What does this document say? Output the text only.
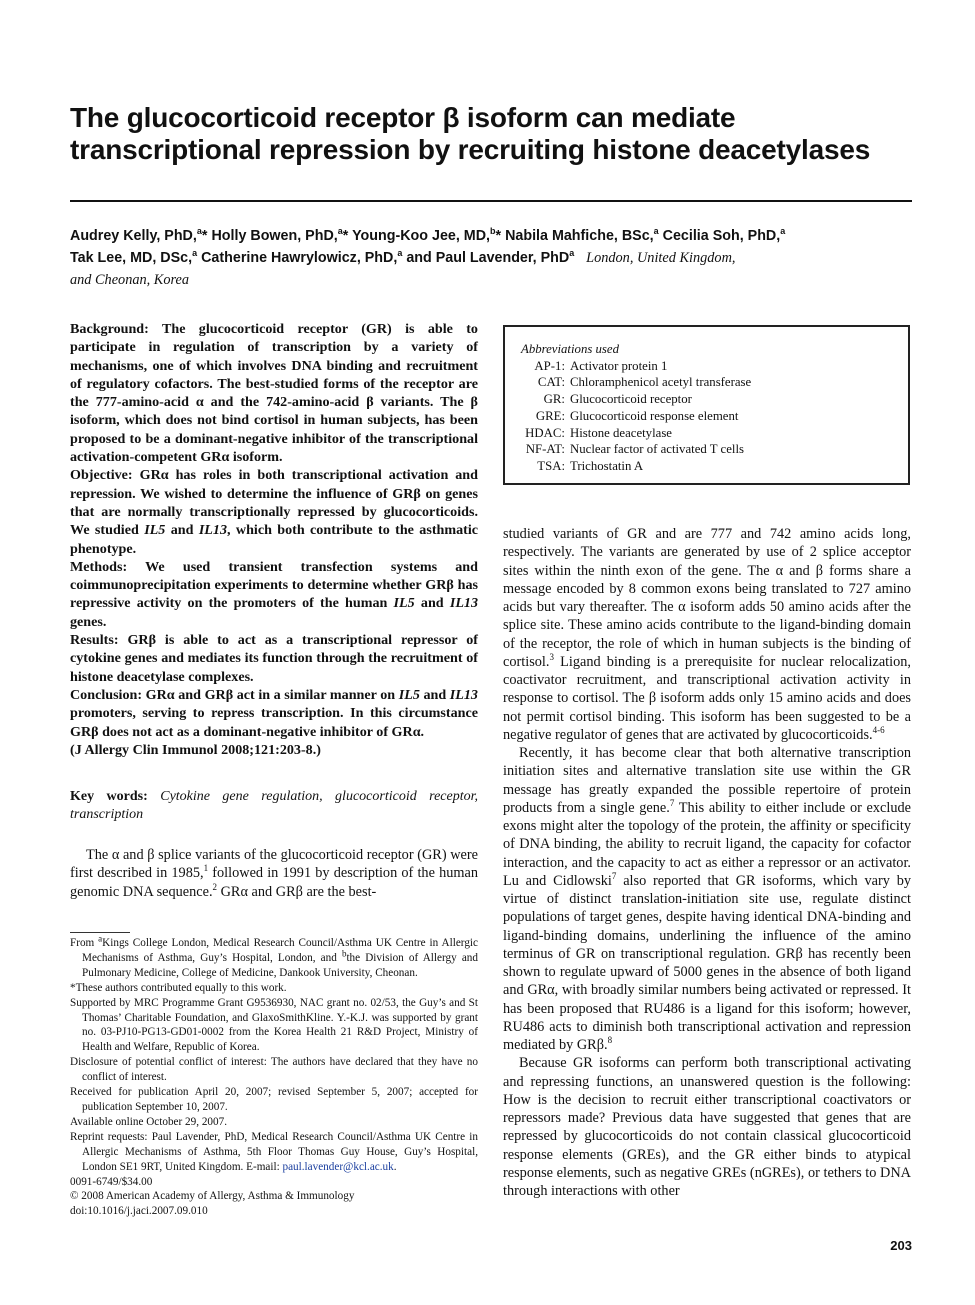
The glucocorticoid receptor β isoform can mediate transcriptional repression by recruiting histone deacetylases
Audrey Kelly, PhD,$^a$* Holly Bowen, PhD,$^a$* Young-Koo Jee, MD,$^b$* Nabila Mahfiche, BSc,$^a$ Cecilia Soh, PhD,$^a$
Tak Lee, MD, DSc,$^a$ Catherine Hawrylowicz, PhD,$^a$ and Paul Lavender, PhD$^a$ London, United Kingdom,
and Cheonan, Korea

Background: The glucocorticoid receptor (GR) is able to participate in regulation of transcription by a variety of mechanisms, one of which involves DNA binding and recruitment of regulatory cofactors. The best-studied forms of the receptor are the 777-amino-acid α and the 742-amino-acid β variants. The β isoform, which does not bind cortisol in human subjects, has been proposed to be a dominant-negative inhibitor of the transcriptional activation-competent GRα isoform.

Objective: GRα has roles in both transcriptional activation and repression. We wished to determine the influence of GRβ on genes that are normally transcriptionally repressed by glucocorticoids. We studied IL5 and IL13, which both contribute to the asthmatic phenotype.

Methods: We used transient transfection systems and coimmunoprecipitation experiments to determine whether GRβ has repressive activity on the promoters of the human IL5 and IL13 genes.

Results: GRβ is able to act as a transcriptional repressor of cytokine genes and mediates its function through the recruitment of histone deacetylase complexes.

Conclusion: GRα and GRβ act in a similar manner on IL5 and IL13 promoters, serving to repress transcription. In this circumstance GRβ does not act as a dominant-negative inhibitor of GRα.

(J Allergy Clin Immunol 2008;121:203-8.)

Key words: Cytokine gene regulation, glucocorticoid receptor, transcription

The α and β splice variants of the glucocorticoid receptor (GR) were first described in 1985,$^1$ followed in 1991 by description of the human genomic DNA sequence.$^2$ GRα and GRβ are the best-

From $^a$Kings College London, Medical Research Council/Asthma UK Centre in Allergic Mechanisms of Asthma, Guy’s Hospital, London, and $^b$the Division of Allergy and Pulmonary Medicine, College of Medicine, Dankook University, Cheonan.

*These authors contributed equally to this work.

Supported by MRC Programme Grant G9536930, NAC grant no. 02/53, the Guy’s and St Thomas’ Charitable Foundation, and GlaxoSmithKline. Y.-K.J. was supported by grant no. 03-PJ10-PG13-GD01-0002 from the Korea Health 21 R&D Project, Ministry of Health and Welfare, Republic of Korea.

Disclosure of potential conflict of interest: The authors have declared that they have no conflict of interest.

Received for publication April 20, 2007; revised September 5, 2007; accepted for publication September 10, 2007.

Available online October 29, 2007.

Reprint requests: Paul Lavender, PhD, Medical Research Council/Asthma UK Centre in Allergic Mechanisms of Asthma, 5th Floor Thomas Guy House, Guy’s Hospital, London SE1 9RT, United Kingdom. E-mail: paul.lavender@kcl.ac.uk.

0091-6749/$34.00

© 2008 American Academy of Allergy, Asthma & Immunology

doi:10.1016/j.jaci.2007.09.010

Abbreviations used
AP-1: Activator protein 1
CAT: Chloramphenicol acetyl transferase
GR: Glucocorticoid receptor
GRE: Glucocorticoid response element
HDAC: Histone deacetylase
NF-AT: Nuclear factor of activated T cells
TSA: Trichostatin A

studied variants of GR and are 777 and 742 amino acids long, respectively. The variants are generated by use of 2 splice acceptor sites within the ninth exon of the gene. The α and β forms share a message encoded by 8 common exons being translated to 727 amino acids but vary thereafter. The α isoform adds 50 amino acids after the splice site. These amino acids contribute to the ligand-binding domain of the receptor, the role of which in human subjects is the binding of cortisol.$^3$ Ligand binding is a prerequisite for nuclear relocalization, coactivator recruitment, and transcriptional activation activity in response to cortisol. The β isoform adds only 15 amino acids and does not permit cortisol binding. This isoform has been suggested to be a negative regulator of genes that are activated by glucocorticoids.$^{4-6}$

Recently, it has become clear that both alternative transcription initiation sites and alternative translation site use within the GR message has greatly expanded the possible repertoire of protein products from a single gene.$^7$ This ability to either include or exclude exons might alter the topology of the protein, the affinity or specificity of DNA binding, the ability to recruit ligand, the capacity for cofactor interaction, and the capacity to act as either a repressor or an activator. Lu and Cidlowski$^7$ also reported that GR isoforms, which vary by virtue of distinct translation-initiation site use, regulate distinct populations of target genes, despite having identical DNA-binding and ligand-binding domains, underlining the influence of the amino terminus of GR on transcriptional regulation. GRβ has recently been shown to regulate upward of 5000 genes in the absence of both ligand and GRα, with broadly similar numbers being activated or repressed. It has been proposed that RU486 is a ligand for this isoform; however, RU486 acts to diminish both transcriptional activation and repression mediated by GRβ.$^8$

Because GR isoforms can perform both transcriptional activating and repressing functions, an unanswered question is the following: How is the decision to recruit either transcriptional coactivators or repressors made? Previous data have suggested that genes that are repressed by glucocorticoids do not contain classical glucocorticoid response elements (GREs), and the GR either binds to atypical response elements, such as negative GREs (nGREs), or tethers to DNA through interactions with other

203
